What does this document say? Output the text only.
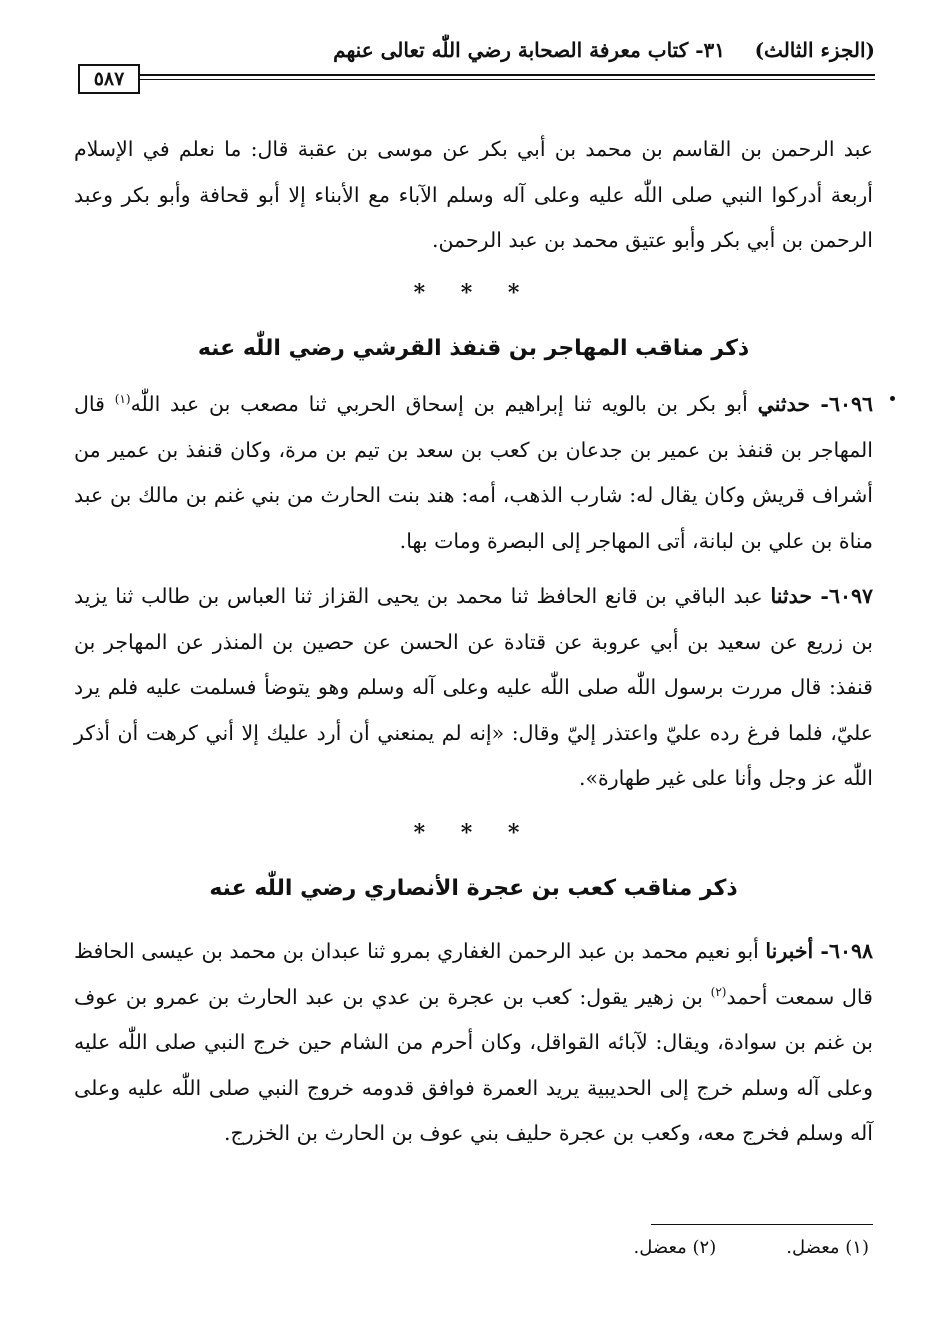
(الجزء الثالث)
٣١- كتاب معرفة الصحابة رضي اللّٰه تعالى عنهم
٥٨٧
عبد الرحمن بن القاسم بن محمد بن أبي بكر عن موسى بن عقبة قال: ما نعلم في الإسلام أربعة أدركوا النبي صلى اللّٰه عليه وعلى آله وسلم الآباء مع الأبناء إلا أبو قحافة وأبو بكر وعبد الرحمن بن أبي بكر وأبو عتيق محمد بن عبد الرحمن.
* * *
ذكر مناقب المهاجر بن قنفذ القرشي رضي اللّٰه عنه
٦٠٩٦- حدثني أبو بكر بن بالويه ثنا إبراهيم بن إسحاق الحربي ثنا مصعب بن عبد اللّٰه$^{(١)}$ قال المهاجر بن قنفذ بن عمير بن جدعان بن كعب بن سعد بن تيم بن مرة، وكان قنفذ بن عمير من أشراف قريش وكان يقال له: شارب الذهب، أمه: هند بنت الحارث من بني غنم بن مالك بن عبد مناة بن علي بن لبانة، أتى المهاجر إلى البصرة ومات بها.
٦٠٩٧- حدثنا عبد الباقي بن قانع الحافظ ثنا محمد بن يحيى القزاز ثنا العباس بن طالب ثنا يزيد بن زريع عن سعيد بن أبي عروبة عن قتادة عن الحسن عن حصين بن المنذر عن المهاجر بن قنفذ: قال مررت برسول اللّٰه صلى اللّٰه عليه وعلى آله وسلم وهو يتوضأ فسلمت عليه فلم يرد عليّ، فلما فرغ رده عليّ واعتذر إليّ وقال: «إنه لم يمنعني أن أرد عليك إلا أني كرهت أن أذكر اللّٰه عز وجل وأنا على غير طهارة».
* * *
ذكر مناقب كعب بن عجرة الأنصاري رضي اللّٰه عنه
٦٠٩٨- أخبرنا أبو نعيم محمد بن عبد الرحمن الغفاري بمرو ثنا عبدان بن محمد بن عيسى الحافظ قال سمعت أحمد$^{(٢)}$ بن زهير يقول: كعب بن عجرة بن عدي بن عبد الحارث بن عمرو بن عوف بن غنم بن سوادة، ويقال: لآبائه القواقل، وكان أحرم من الشام حين خرج النبي صلى اللّٰه عليه وعلى آله وسلم خرج إلى الحديبية يريد العمرة فوافق قدومه خروج النبي صلى اللّٰه عليه وعلى آله وسلم فخرج معه، وكعب بن عجرة حليف بني عوف بن الحارث بن الخزرج.
(١) معضل.(٢) معضل.
